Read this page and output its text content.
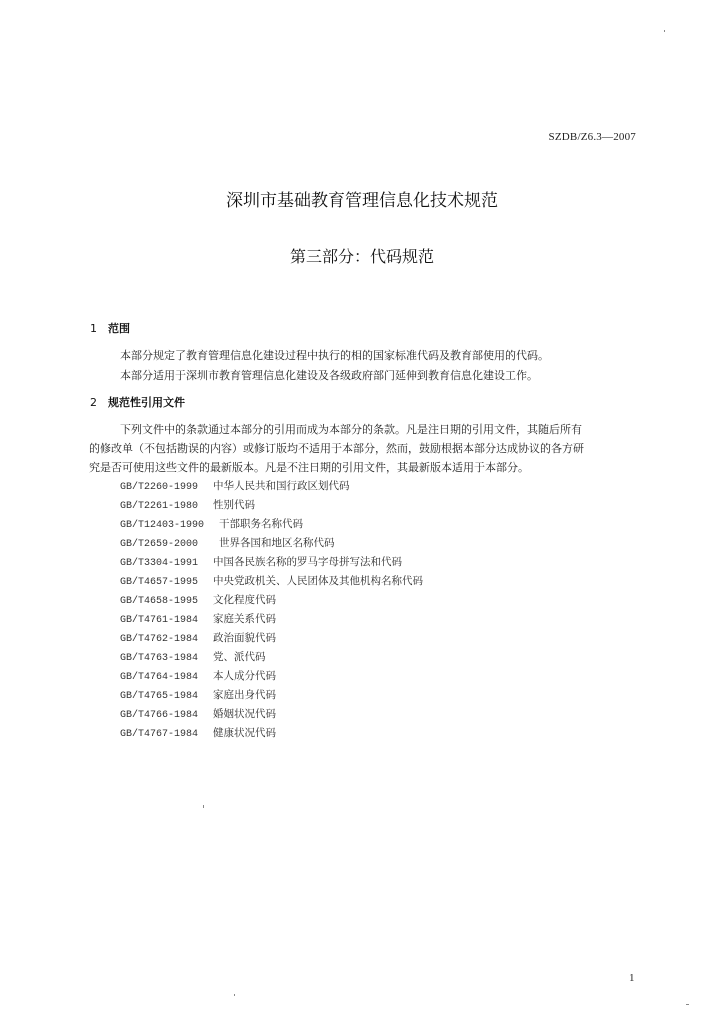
SZDB/Z6.3—2007
深圳市基础教育管理信息化技术规范
第三部分：代码规范
1 范围
本部分规定了教育管理信息化建设过程中执行的相的国家标准代码及教育部使用的代码。
本部分适用于深圳市教育管理信息化建设及各级政府部门延伸到教育信息化建设工作。
2 规范性引用文件
下列文件中的条款通过本部分的引用而成为本部分的条款。凡是注日期的引用文件，其随后所有
的修改单（不包括勘误的内容）或修订版均不适用于本部分，然而，鼓励根据本部分达成协议的各方研
究是否可使用这些文件的最新版本。凡是不注日期的引用文件，其最新版本适用于本部分。
GB/T2260-1999 中华人民共和国行政区划代码
GB/T2261-1980 性别代码
GB/T12403-1990 干部职务名称代码
GB/T2659-2000 世界各国和地区名称代码
GB/T3304-1991 中国各民族名称的罗马字母拼写法和代码
GB/T4657-1995 中央党政机关、人民团体及其他机构名称代码
GB/T4658-1995 文化程度代码
GB/T4761-1984 家庭关系代码
GB/T4762-1984 政治面貌代码
GB/T4763-1984 党、派代码
GB/T4764-1984 本人成分代码
GB/T4765-1984 家庭出身代码
GB/T4766-1984 婚姻状况代码
GB/T4767-1984 健康状况代码
1
